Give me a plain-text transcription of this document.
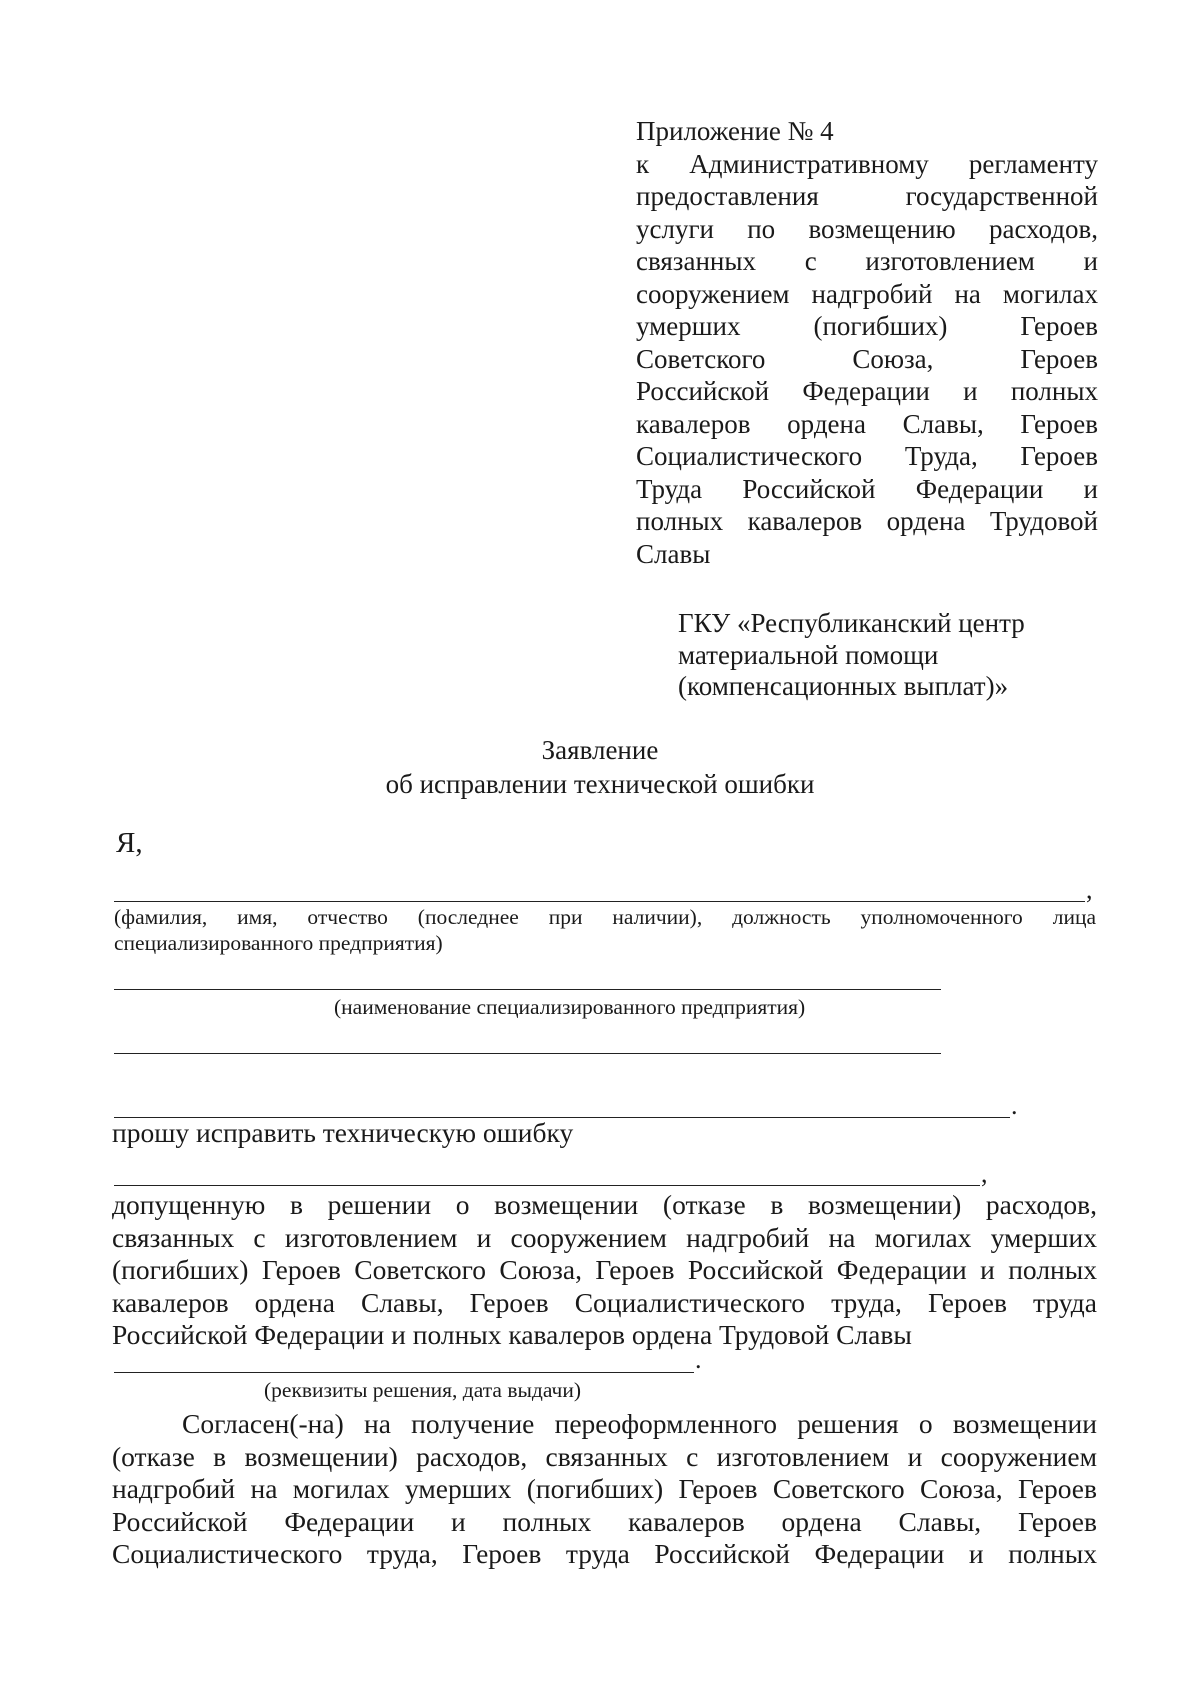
Приложение № 4
к Административному регламенту
предоставления государственной
услуги по возмещению расходов,
связанных с изготовлением и
сооружением надгробий на могилах
умерших (погибших) Героев
Советского Союза, Героев
Российской Федерации и полных
кавалеров ордена Славы, Героев
Социалистического Труда, Героев
Труда Российской Федерации и
полных кавалеров ордена Трудовой
Славы
ГКУ «Республиканский центр
материальной помощи
(компенсационных выплат)»
Заявление
об исправлении технической ошибки
Я,
,
(фамилия, имя, отчество (последнее при наличии), должность уполномоченного лица
специализированного предприятия)
(наименование специализированного предприятия)
.
прошу исправить техническую ошибку
,
допущенную в решении о возмещении (отказе в возмещении) расходов,
связанных с изготовлением и сооружением надгробий на могилах умерших
(погибших) Героев Советского Союза, Героев Российской Федерации и полных
кавалеров ордена Славы, Героев Социалистического труда, Героев труда
Российской Федерации и полных кавалеров ордена Трудовой Славы
.
(реквизиты решения, дата выдачи)
Согласен(-на) на получение переоформленного решения о возмещении
(отказе в возмещении) расходов, связанных с изготовлением и сооружением
надгробий на могилах умерших (погибших) Героев Советского Союза, Героев
Российской Федерации и полных кавалеров ордена Славы, Героев
Социалистического труда, Героев труда Российской Федерации и полных
